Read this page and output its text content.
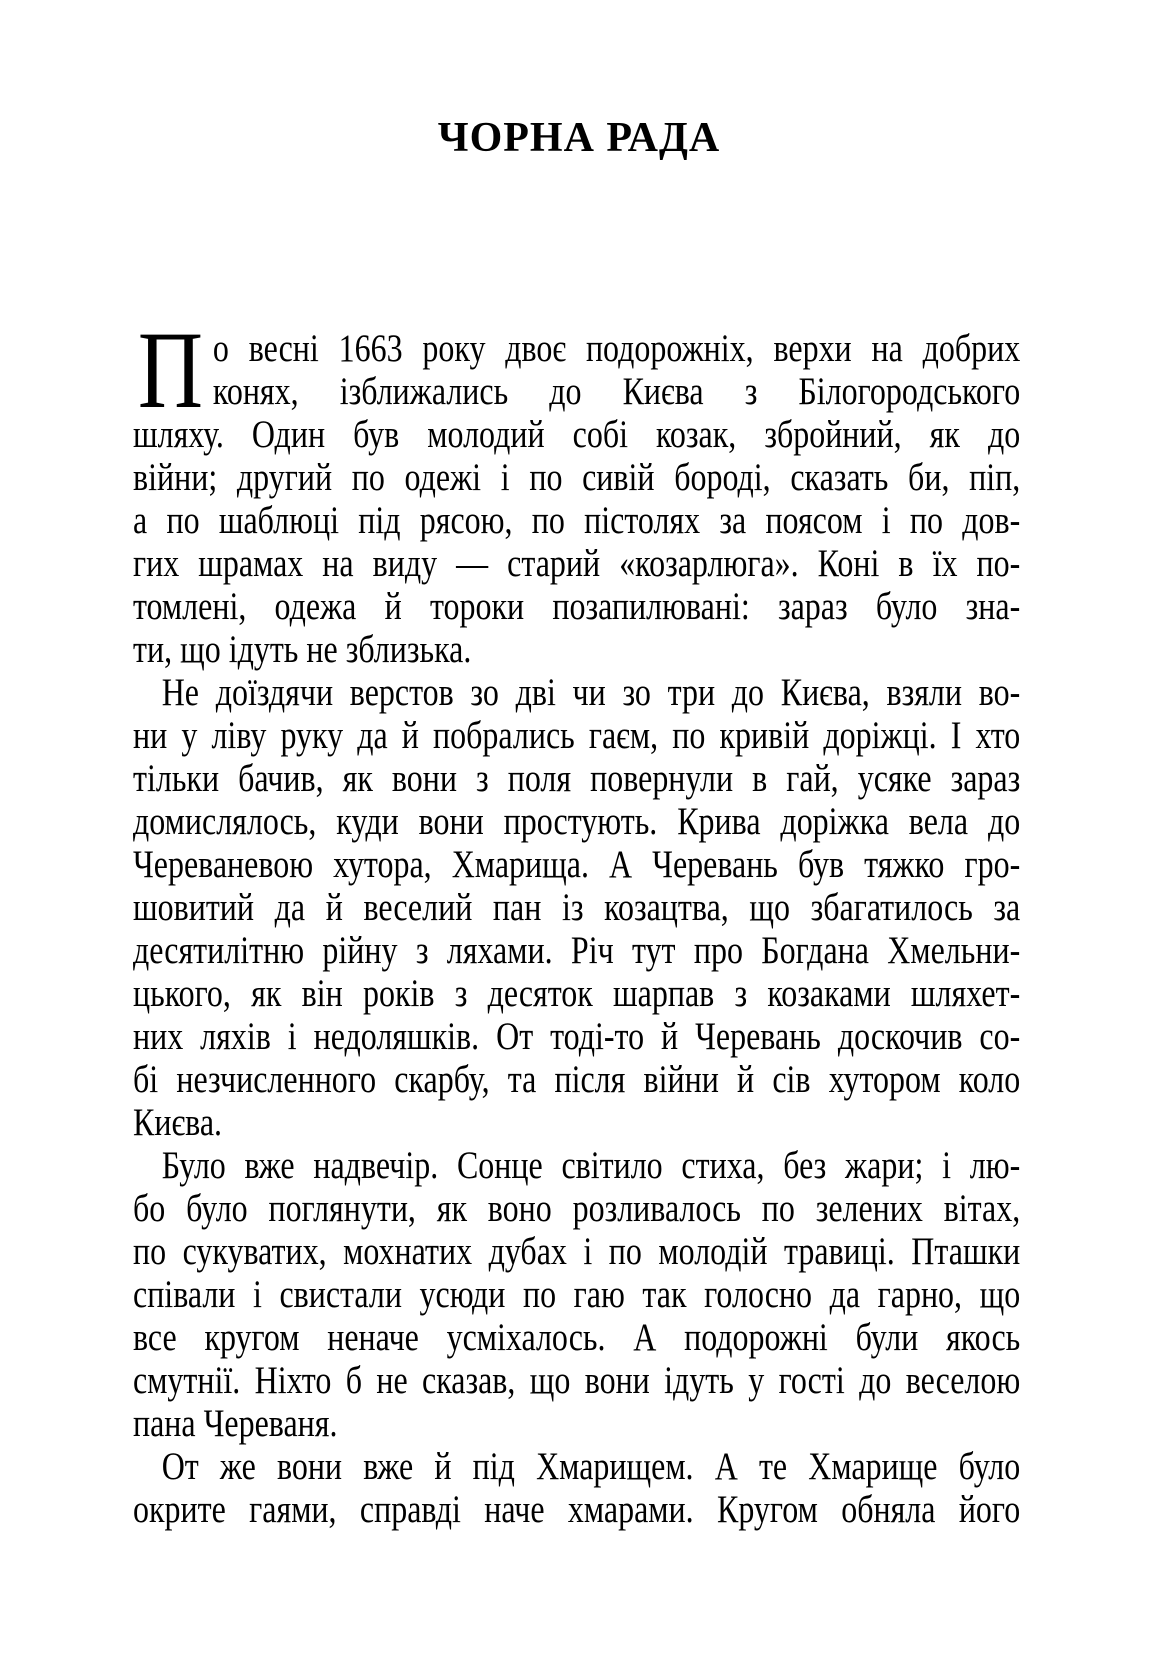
ЧОРНА РАДА
П о весні 1663 року двоє подорожніх, верхи на добрих
конях, ізближались до Києва з Білогородського
шляху. Один був молодий собі козак, збройний, як до
війни; другий по одежі і по сивій бороді, сказать би, піп,
а по шаблюці під рясою, по пістолях за поясом і по дов-
гих шрамах на виду — старий «козарлюга». Коні в їх по-
томлені, одежа й тороки позапилювані: зараз було зна-
ти, що ідуть не зблизька.
Не доїздячи верстов зо дві чи зо три до Києва, взяли во-
ни у ліву руку да й побрались гаєм, по кривій доріжці. І хто
тільки бачив, як вони з поля повернули в гай, усяке зараз
домислялось, куди вони простують. Крива доріжка вела до
Череваневою хутора, Хмарища. А Черевань був тяжко гро-
шовитий да й веселий пан із козацтва, що збагатилось за
десятилітню рійну з ляхами. Річ тут про Богдана Хмельни-
цького, як він років з десяток шарпав з козаками шляхет-
них ляхів і недоляшків. От тоді-то й Черевань доскочив со-
бі незчисленного скарбу, та після війни й сів хутором коло
Києва.
Було вже надвечір. Сонце світило стиха, без жари; і лю-
бо було поглянути, як воно розливалось по зелених вітах,
по сукуватих, мохнатих дубах і по молодій травиці. Пташки
співали і свистали усюди по гаю так голосно да гарно, що
все кругом неначе усміхалось. А подорожні були якось
смутнії. Ніхто б не сказав, що вони ідуть у гості до веселою
пана Череваня.
От же вони вже й під Хмарищем. А те Хмарище було
окрите гаями, справді наче хмарами. Кругом обняла його
